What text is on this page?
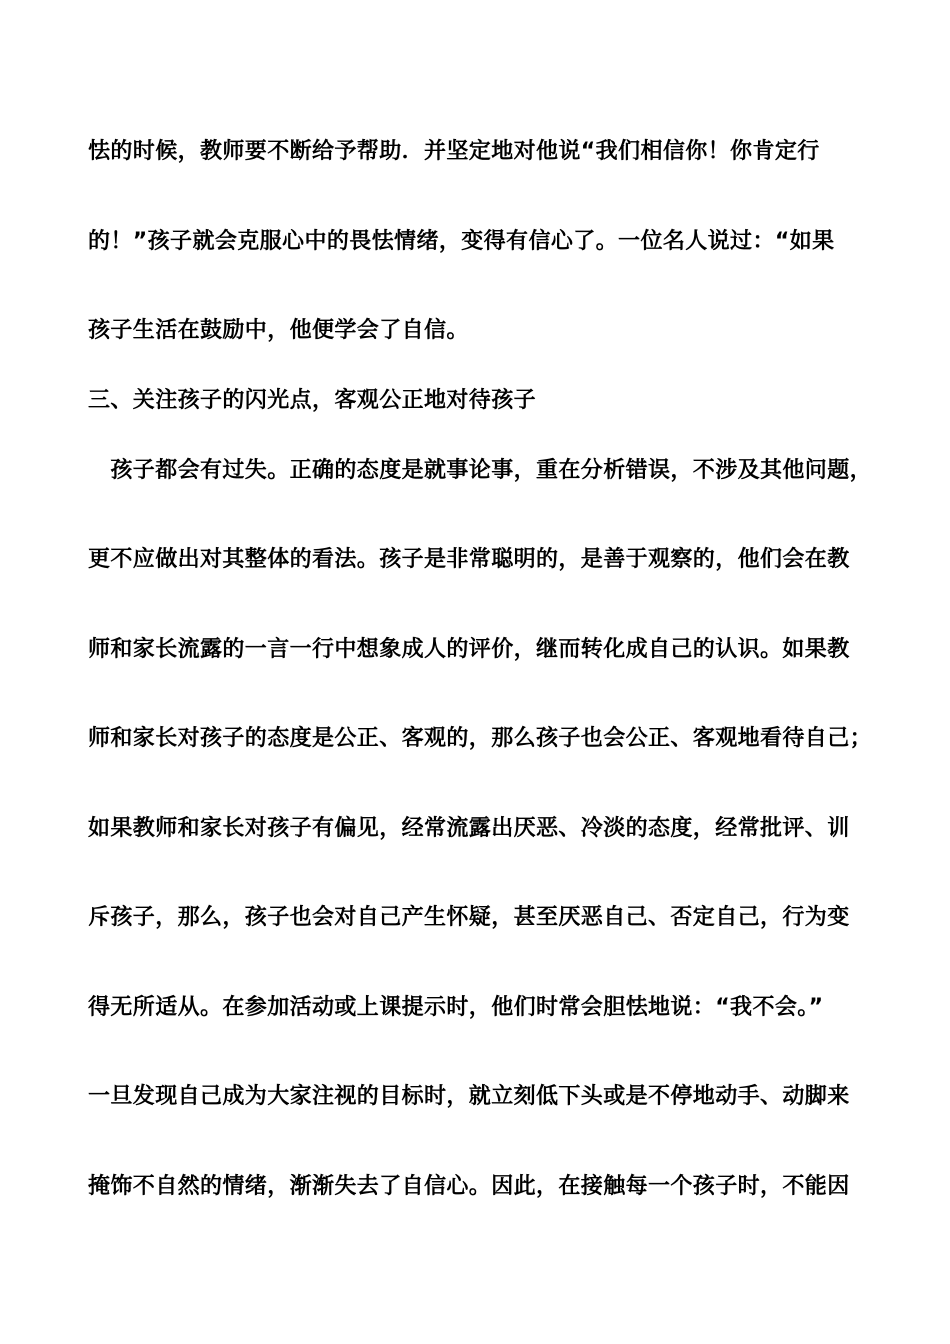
怯的时候，教师要不断给予帮助．并坚定地对他说“我们相信你！你肯定行
的！”孩子就会克服心中的畏怯情绪，变得有信心了。一位名人说过：“如果
孩子生活在鼓励中，他便学会了自信。
三、关注孩子的闪光点，客观公正地对待孩子
　孩子都会有过失。正确的态度是就事论事，重在分析错误，不涉及其他问题，
更不应做出对其整体的看法。孩子是非常聪明的，是善于观察的，他们会在教
师和家长流露的一言一行中想象成人的评价，继而转化成自己的认识。如果教
师和家长对孩子的态度是公正、客观的，那么孩子也会公正、客观地看待自己；
如果教师和家长对孩子有偏见，经常流露出厌恶、冷淡的态度，经常批评、训
斥孩子，那么，孩子也会对自己产生怀疑，甚至厌恶自己、否定自己，行为变
得无所适从。在参加活动或上课提示时，他们时常会胆怯地说：“我不会。”
一旦发现自己成为大家注视的目标时，就立刻低下头或是不停地动手、动脚来
掩饰不自然的情绪，渐渐失去了自信心。因此，在接触每一个孩子时，不能因
